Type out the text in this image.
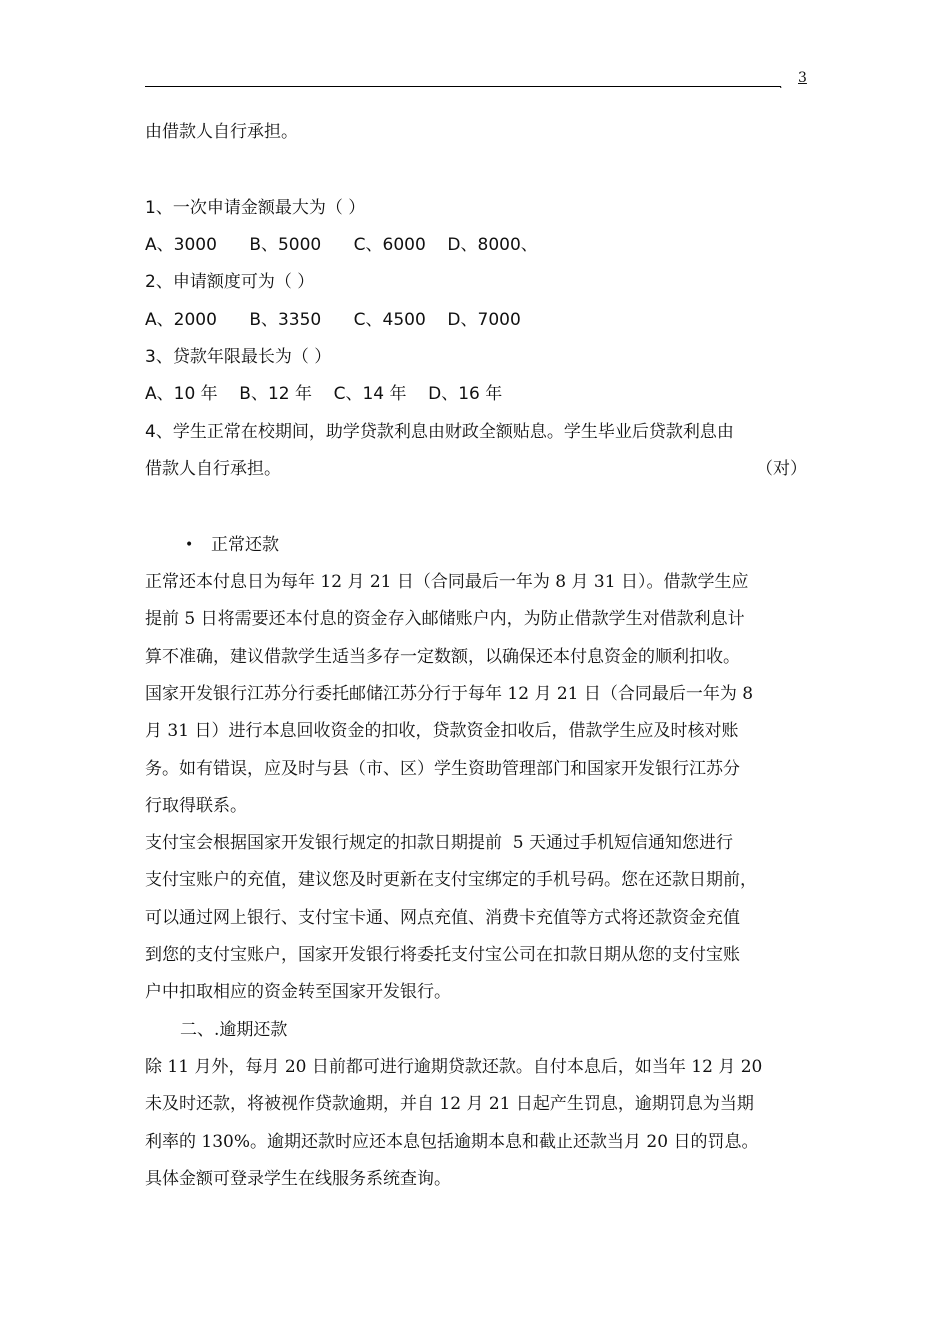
. 3
由借款人自行承担。
1、一次申请金额最大为（ ）
A、3000      B、5000      C、6000    D、8000、
2、申请额度可为（ ）
A、2000      B、3350      C、4500    D、7000
3、贷款年限最长为（ ）
A、10 年    B、12 年    C、14 年    D、16 年
4、学生正常在校期间，助学贷款利息由财政全额贴息。学生毕业后贷款利息由
借款人自行承担。	（对）
• 正常还款
正常还本付息日为每年 12 月 21 日（合同最后一年为 8 月 31 日）。借款学生应
提前 5 日将需要还本付息的资金存入邮储账户内，为防止借款学生对借款利息计
算不准确，建议借款学生适当多存一定数额，以确保还本付息资金的顺利扣收。
国家开发银行江苏分行委托邮储江苏分行于每年 12 月 21 日（合同最后一年为 8
月 31 日）进行本息回收资金的扣收，贷款资金扣收后，借款学生应及时核对账
务。如有错误，应及时与县（市、区）学生资助管理部门和国家开发银行江苏分
行取得联系。
支付宝会根据国家开发银行规定的扣款日期提前  5 天通过手机短信通知您进行
支付宝账户的充值，建议您及时更新在支付宝绑定的手机号码。您在还款日期前，
可以通过网上银行、支付宝卡通、网点充值、消费卡充值等方式将还款资金充值
到您的支付宝账户，国家开发银行将委托支付宝公司在扣款日期从您的支付宝账
户中扣取相应的资金转至国家开发银行。
二、.逾期还款
除 11 月外，每月 20 日前都可进行逾期贷款还款。自付本息后，如当年 12 月 20
未及时还款，将被视作贷款逾期，并自 12 月 21 日起产生罚息，逾期罚息为当期
利率的 130%。逾期还款时应还本息包括逾期本息和截止还款当月 20 日的罚息。
具体金额可登录学生在线服务系统查询。
